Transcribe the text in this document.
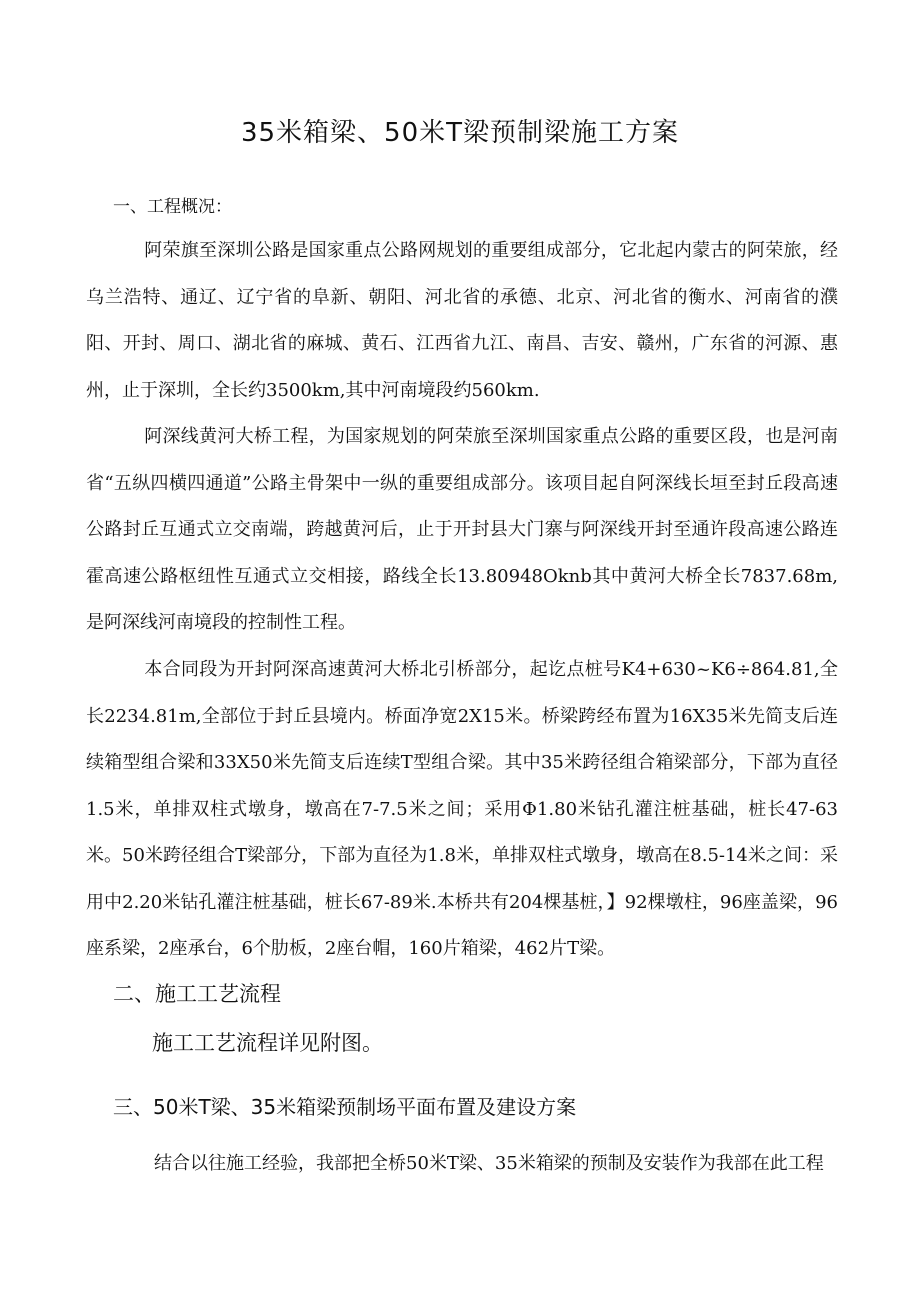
35米箱梁、50米T梁预制梁施工方案
一、工程概况：
阿荣旗至深圳公路是国家重点公路网规划的重要组成部分，它北起内蒙古的阿荣旅，经乌兰浩特、通辽、辽宁省的阜新、朝阳、河北省的承德、北京、河北省的衡水、河南省的濮阳、开封、周口、湖北省的麻城、黄石、江西省九江、南昌、吉安、赣州，广东省的河源、惠州，止于深圳，全长约3500km,其中河南境段约560km.
阿深线黄河大桥工程，为国家规划的阿荣旅至深圳国家重点公路的重要区段，也是河南省“五纵四横四通道”公路主骨架中一纵的重要组成部分。该项目起自阿深线长垣至封丘段高速公路封丘互通式立交南端，跨越黄河后，止于开封县大门寨与阿深线开封至通许段高速公路连霍高速公路枢纽性互通式立交相接，路线全长13.80948Oknb其中黄河大桥全长7837.68m,是阿深线河南境段的控制性工程。
本合同段为开封阿深高速黄河大桥北引桥部分，起讫点桩号K4+630~K6÷864.81,全长2234.81m,全部位于封丘县境内。桥面净宽2X15米。桥梁跨经布置为16X35米先简支后连续箱型组合梁和33X50米先简支后连续T型组合梁。其中35米跨径组合箱梁部分，下部为直径1.5米，单排双柱式墩身，墩高在7-7.5米之间；采用Φ1.80米钻孔灌注桩基础，桩长47-63米。50米跨径组合T梁部分，下部为直径为1.8米，单排双柱式墩身，墩高在8.5-14米之间：采用中2.20米钻孔灌注桩基础，桩长67-89米.本桥共有204棵基桩，】92棵墩柱，96座盖梁，96座系梁，2座承台，6个肋板，2座台帽，160片箱梁，462片T梁。
二、施工工艺流程
施工工艺流程详见附图。
三、50米T梁、35米箱梁预制场平面布置及建设方案
结合以往施工经验，我部把全桥50米T梁、35米箱梁的预制及安装作为我部在此工程
